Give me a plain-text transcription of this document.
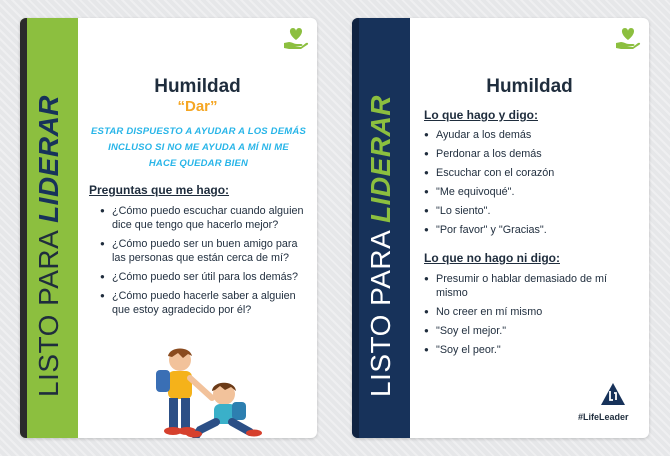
LISTO PARA LIDERAR
Humildad
“Dar”
ESTAR DISPUESTO A AYUDAR A LOS DEMÁS
INCLUSO SI NO ME AYUDA A MÍ NI ME
HACE QUEDAR BIEN
Preguntas que me hago:
● ¿Cómo puedo escuchar cuando alguien dice que tengo que hacerlo mejor?
● ¿Cómo puedo ser un buen amigo para las personas que están cerca de mí?
● ¿Cómo puedo ser útil para los demás?
● ¿Cómo puedo hacerle saber a alguien que estoy agradecido por él?	LISTO PARA LIDERAR
Humildad
Lo que hago y digo:
● Ayudar a los demás
● Perdonar a los demás
● Escuchar con el corazón
● "Me equivoqué".
● "Lo siento".
● "Por favor" y "Gracias".
Lo que no hago ni digo:
● Presumir o hablar demasiado de mí mismo
● No creer en mí mismo
● "Soy el mejor."
● "Soy el peor."
#LifeLeader
